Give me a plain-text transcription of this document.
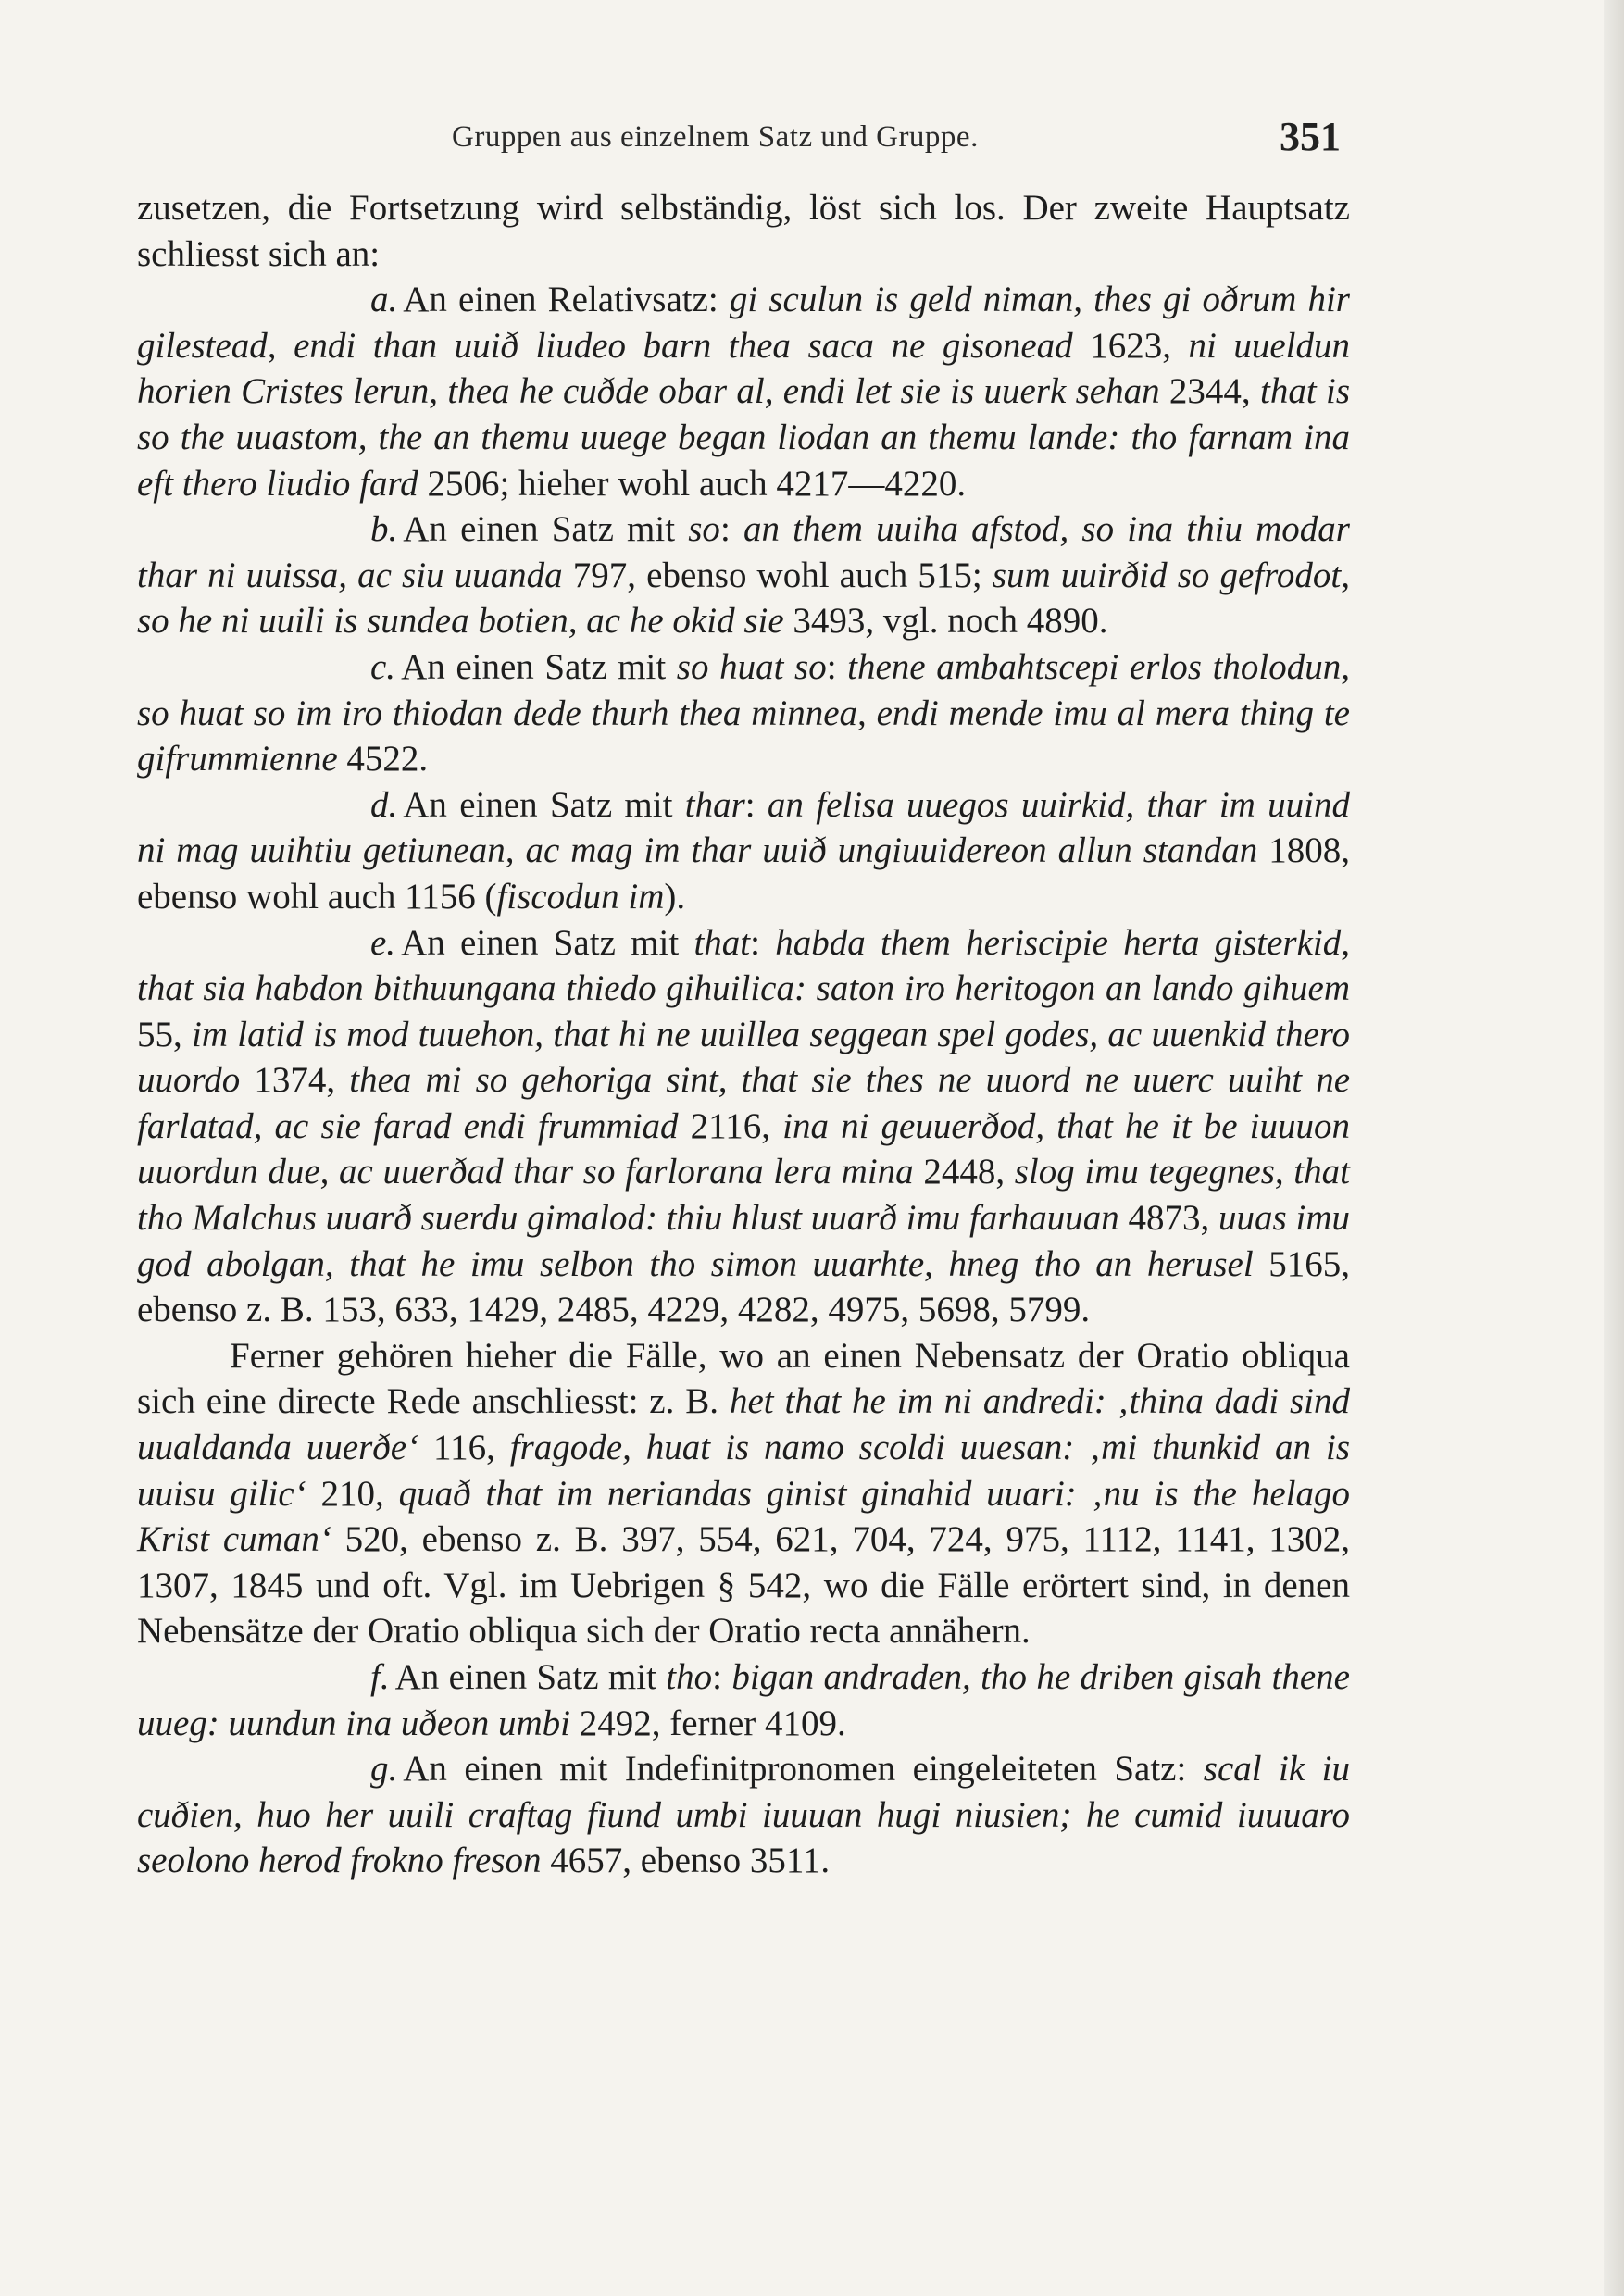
Gruppen aus einzelnem Satz und Gruppe.	351

zusetzen, die Fortsetzung wird selbständig, löst sich los. Der zweite Hauptsatz schliesst sich an:

a. An einen Relativsatz: gi sculun is geld niman, thes gi oðrum hir gilestead, endi than uuið liudeo barn thea saca ne gisonead 1623, ni uueldun horien Cristes lerun, thea he cuðde obar al, endi let sie is uuerk sehan 2344, that is so the uuastom, the an themu uuege began liodan an themu lande: tho farnam ina eft thero liudio fard 2506; hieher wohl auch 4217—4220.

b. An einen Satz mit so: an them uuiha afstod, so ina thiu modar thar ni uuissa, ac siu uuanda 797, ebenso wohl auch 515; sum uuirðid so gefrodot, so he ni uuili is sundea botien, ac he okid sie 3493, vgl. noch 4890.

c. An einen Satz mit so huat so: thene ambahtscepi erlos tholodun, so huat so im iro thiodan dede thurh thea minnea, endi mende imu al mera thing te gifrummienne 4522.

d. An einen Satz mit thar: an felisa uuegos uuirkid, thar im uuind ni mag uuihtiu getiunean, ac mag im thar uuið ungiuuidereon allun standan 1808, ebenso wohl auch 1156 (fiscodun im).

e. An einen Satz mit that: habda them heriscipie herta gisterkid, that sia habdon bithuungana thiedo gihuilica: saton iro heritogon an lando gihuem 55, im latid is mod tuuehon, that hi ne uuillea seggean spel godes, ac uuenkid thero uuordo 1374, thea mi so gehoriga sint, that sie thes ne uuord ne uuerc uuiht ne farlatad, ac sie farad endi frummiad 2116, ina ni geuuerðod, that he it be iuuuon uuordun due, ac uuerðad thar so farlorana lera mina 2448, slog imu tegegnes, that tho Malchus uuarð suerdu gimalod: thiu hlust uuarð imu farhauuan 4873, uuas imu god abolgan, that he imu selbon tho simon uuarhte, hneg tho an herusel 5165, ebenso z. B. 153, 633, 1429, 2485, 4229, 4282, 4975, 5698, 5799.

Ferner gehören hieher die Fälle, wo an einen Nebensatz der Oratio obliqua sich eine directe Rede anschliesst: z. B. het that he im ni andredi: ‚thina dadi sind uualdanda uuerðe‘ 116, fragode, huat is namo scoldi uuesan: ‚mi thunkid an is uuisu gilic‘ 210, quað that im neriandas ginist ginahid uuari: ‚nu is the helago Krist cuman‘ 520, ebenso z. B. 397, 554, 621, 704, 724, 975, 1112, 1141, 1302, 1307, 1845 und oft. Vgl. im Uebrigen § 542, wo die Fälle erörtert sind, in denen Nebensätze der Oratio obliqua sich der Oratio recta annähern.

f. An einen Satz mit tho: bigan andraden, tho he driben gisah thene uueg: uundun ina uðeon umbi 2492, ferner 4109.

g. An einen mit Indefinitpronomen eingeleiteten Satz: scal ik iu cuðien, huo her uuili craftag fiund umbi iuuuan hugi niusien; he cumid iuuuaro seolono herod frokno freson 4657, ebenso 3511.
